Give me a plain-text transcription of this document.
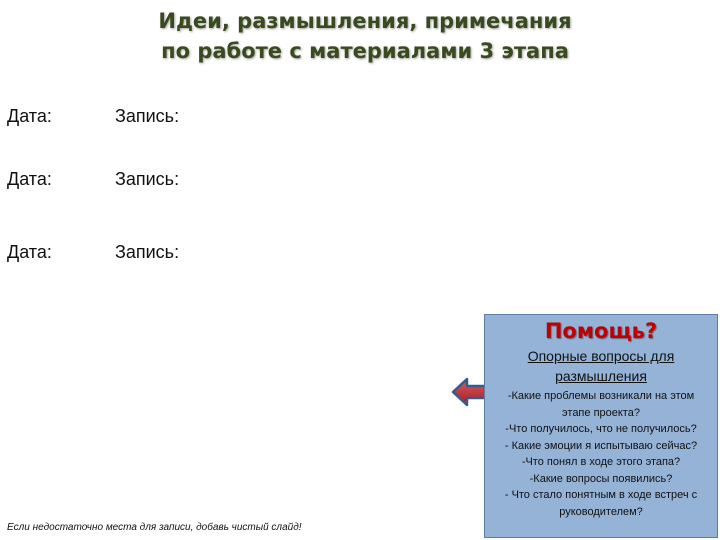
Идеи, размышления, примечания
по работе с материалами 3 этапа
Дата:	Запись:
Дата:	Запись:
Дата:	Запись:
Если недостаточно места для записи, добавь чистый слайд!
Помощь?
Опорные вопросы для размышления
-Какие проблемы возникали на этом
этапе проекта?
-Что получилось, что не получилось?
- Какие эмоции я испытываю сейчас?
-Что понял в ходе этого этапа?
-Какие вопросы появились?
- Что стало понятным в ходе встреч с
руководителем?
